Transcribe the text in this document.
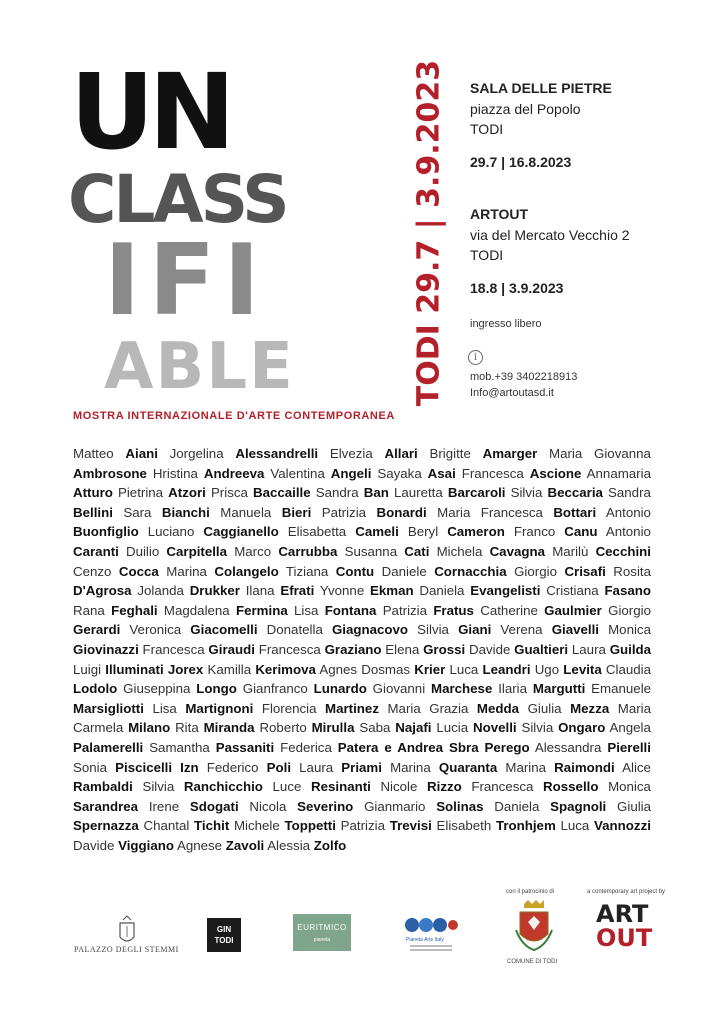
UN
CLASS
IFI
ABLE	TODI 29.7 | 3.9.2023
MOSTRA INTERNAZIONALE D'ARTE CONTEMPORANEA
SALA DELLE PIETRE
piazza del Popolo
TODI
29.7 | 16.8.2023
ARTOUT
via del Mercato Vecchio 2
TODI
18.8 | 3.9.2023
ingresso libero
i
mob.+39 3402218913
Info@artoutasd.it
Matteo Aiani Jorgelina Alessandrelli Elvezia Allari Brigitte Amarger Maria Giovanna Ambrosone Hristina Andreeva Valentina Angeli Sayaka Asai Francesca Ascione Annamaria Atturo Pietrina Atzori Prisca Baccaille Sandra Ban Lauretta Barcaroli Silvia Beccaria Sandra Bellini Sara Bianchi Manuela Bieri Patrizia Bonardi Maria Francesca Bottari Antonio Buonfiglio Luciano Caggianello Elisabetta Cameli Beryl Cameron Franco Canu Antonio Caranti Duilio Carpitella Marco Carrubba Susanna Cati Michela Cavagna Marilù Cecchini Cenzo Cocca Marina Colangelo Tiziana Contu Daniele Cornacchia Giorgio Crisafi Rosita D'Agrosa Jolanda Drukker Ilana Efrati Yvonne Ekman Daniela Evangelisti Cristiana Fasano Rana Feghali Magdalena Fermina Lisa Fontana Patrizia Fratus Catherine Gaulmier Giorgio Gerardi Veronica Giacomelli Donatella Giagnacovo Silvia Giani Verena Giavelli Monica Giovinazzi Francesca Giraudi Francesca Graziano Elena Grossi Davide Gualtieri Laura Guilda Luigi Illuminati Jorex Kamilla Kerimova Agnes Dosmas Krier Luca Leandri Ugo Levita Claudia Lodolo Giuseppina Longo Gianfranco Lunardo Giovanni Marchese Ilaria Margutti Emanuele Marsigliotti Lisa Martignoni Florencia Martinez Maria Grazia Medda Giulia Mezza Maria Carmela Milano Rita Miranda Roberto Mirulla Saba Najafi Lucia Novelli Silvia Ongaro Angela Palamerelli Samantha Passaniti Federica Patera e Andrea Sbra Perego Alessandra Pierelli Sonia Piscicelli Izn Federico Poli Laura Priami Marina Quaranta Marina Raimondi Alice Rambaldi Silvia Ranchicchio Luce Resinanti Nicole Rizzo Francesca Rossello Monica Sarandrea Irene Sdogati Nicola Severino Gianmario Solinas Daniela Spagnoli Giulia Spernazza Chantal Tichit Michele Toppetti Patrizia Trevisi Elisabeth Tronhjem Luca Vannozzi Davide Viggiano Agnese Zavoli Alessia Zolfo
PALAZZO DEGLI STEMMI
GIN
TODI
EURITMICO
pianeta	Pianeta Arte Italy
con il patrocinio di
COMUNE DI TODI
a contemporary art project by
ART
OUT
